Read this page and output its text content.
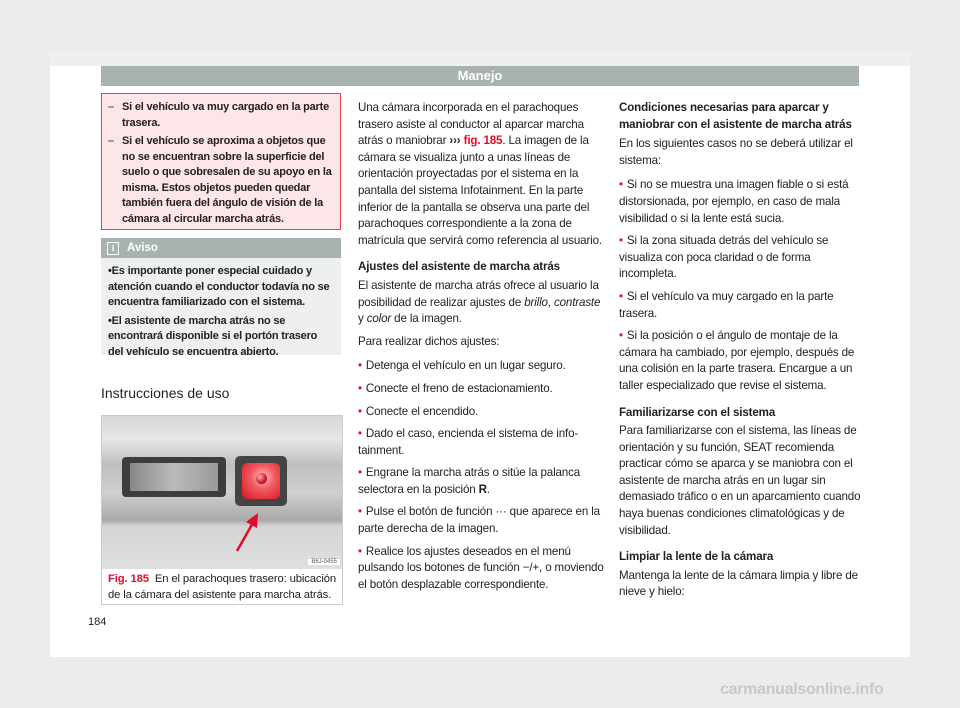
Manejo
– Si el vehículo va muy cargado en la parte trasera.
– Si el vehículo se aproxima a objetos que no se encuentran sobre la superficie del suelo o que sobresalen de su apoyo en la misma. Estos objetos pueden quedar también fuera del ángulo de visión de la cámara al circular marcha atrás.
i	Aviso

• Es importante poner especial cuidado y atención cuando el conductor todavía no se encuentra familiarizado con el sistema.

• El asistente de marcha atrás no se encontrará disponible si el portón trasero del vehículo se encuentra abierto.

Instrucciones de uso
B6J-0455
Fig. 185 En el parachoques trasero: ubicación de la cámara del asistente para marcha atrás.

Una cámara incorporada en el parachoques trasero asiste al conductor al aparcar marcha atrás o maniobrar ››› fig. 185. La imagen de la cámara se visualiza junto a unas líneas de orientación proyectadas por el sistema en la pantalla del sistema Infotainment. En la parte inferior de la pantalla se observa una parte del parachoques correspondiente a la zona de matrícula que servirá como referencia al usuario.

Ajustes del asistente de marcha atrás

El asistente de marcha atrás ofrece al usuario la posibilidad de realizar ajustes de brillo, contraste y color de la imagen.

Para realizar dichos ajustes:

• Detenga el vehículo en un lugar seguro.

• Conecte el freno de estacionamiento.

• Conecte el encendido.

• Dado el caso, encienda el sistema de info-tainment.

• Engrane la marcha atrás o sitúe la palanca selectora en la posición R.

• Pulse el botón de función ··· que aparece en la parte derecha de la imagen.

• Realice los ajustes deseados en el menú pulsando los botones de función −/+, o moviendo el botón desplazable correspondiente.

Condiciones necesarias para aparcar y maniobrar con el asistente de marcha atrás

En los siguientes casos no se deberá utilizar el sistema:

• Si no se muestra una imagen fiable o si está distorsionada, por ejemplo, en caso de mala visibilidad o si la lente está sucia.

• Si la zona situada detrás del vehículo se visualiza con poca claridad o de forma incompleta.

• Si el vehículo va muy cargado en la parte trasera.

• Si la posición o el ángulo de montaje de la cámara ha cambiado, por ejemplo, después de una colisión en la parte trasera. Encargue a un taller especializado que revise el sistema.

Familiarizarse con el sistema

Para familiarizarse con el sistema, las líneas de orientación y su función, SEAT recomienda practicar cómo se aparca y se maniobra con el asistente de marcha atrás en un lugar sin demasiado tráfico o en un aparcamiento cuando haya buenas condiciones climatológicas y de visibilidad.

Limpiar la lente de la cámara

Mantenga la lente de la cámara limpia y libre de nieve y hielo:

184
carmanualsonline.info
